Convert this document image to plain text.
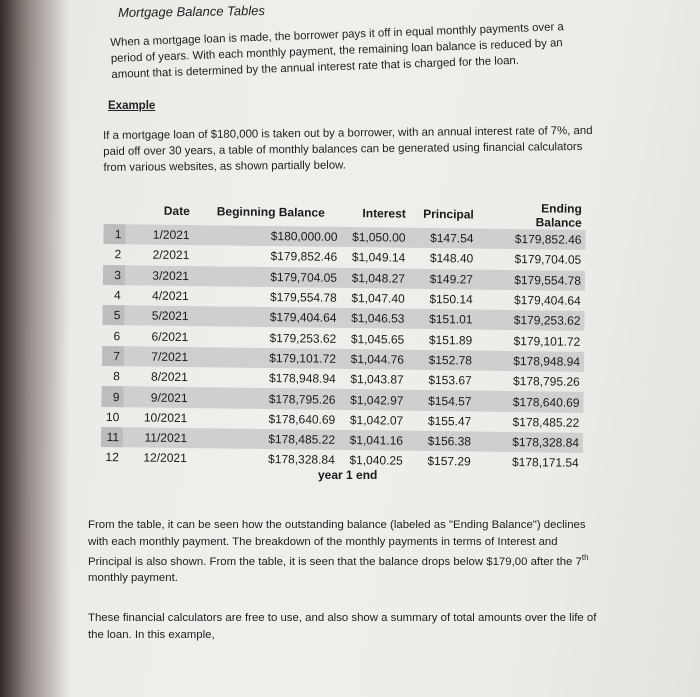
Mortgage Balance Tables
When a mortgage loan is made, the borrower pays it off in equal monthly payments over a period of years. With each monthly payment, the remaining loan balance is reduced by an amount that is determined by the annual interest rate that is charged for the loan.
Example
If a mortgage loan of $180,000 is taken out by a borrower, with an annual interest rate of 7%, and paid off over 30 years, a table of monthly balances can be generated using financial calculators from various websites, as shown partially below.
	Date	Beginning Balance	Interest	Principal	Ending Balance
1	1/2021	$180,000.00	$1,050.00	$147.54	$179,852.46
2	2/2021	$179,852.46	$1,049.14	$148.40	$179,704.05
3	3/2021	$179,704.05	$1,048.27	$149.27	$179,554.78
4	4/2021	$179,554.78	$1,047.40	$150.14	$179,404.64
5	5/2021	$179,404.64	$1,046.53	$151.01	$179,253.62
6	6/2021	$179,253.62	$1,045.65	$151.89	$179,101.72
7	7/2021	$179,101.72	$1,044.76	$152.78	$178,948.94
8	8/2021	$178,948.94	$1,043.87	$153.67	$178,795.26
9	9/2021	$178,795.26	$1,042.97	$154.57	$178,640.69
10	10/2021	$178,640.69	$1,042.07	$155.47	$178,485.22
11	11/2021	$178,485.22	$1,041.16	$156.38	$178,328.84
12	12/2021	$178,328.84	$1,040.25	$157.29	$178,171.54
year 1 end
From the table, it can be seen how the outstanding balance (labeled as "Ending Balance") declines with each monthly payment. The breakdown of the monthly payments in terms of Interest and Principal is also shown. From the table, it is seen that the balance drops below $179,00 after the 7th monthly payment.
These financial calculators are free to use, and also show a summary of total amounts over the life of the loan. In this example,
